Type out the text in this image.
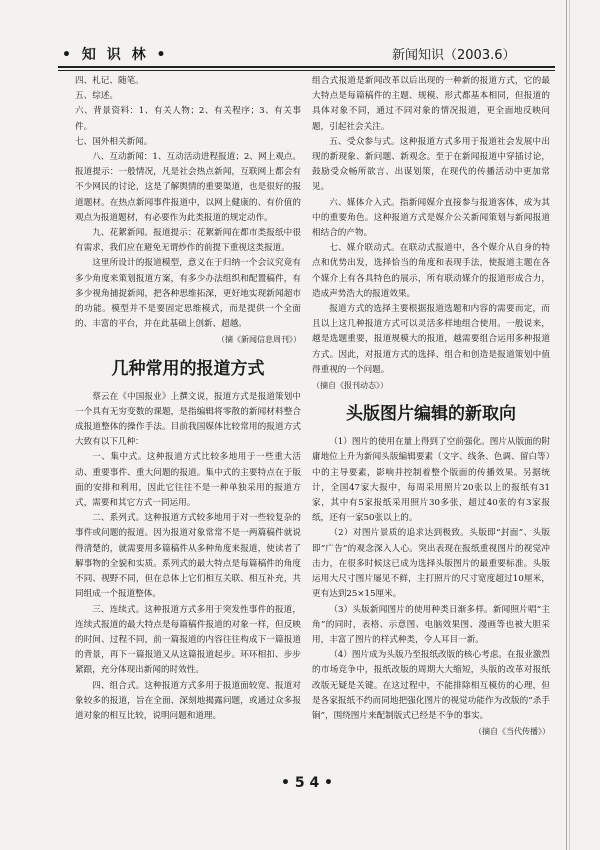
• 知 识 林 •	新闻知识（2003.6）

四、札记、随笔。

五、综述。

六、背景资料：1、有关人物；2、有关程序；3、有关事件。

七、国外相关新闻。

八、互动新闻：1、互动活动进程报道；2、网上观点。报道提示：一般情况，凡是社会热点新闻，互联网上都会有不少网民的讨论，这是了解舆情的重要渠道，也是很好的报道题材。在热点新闻事件报道中，以网上健康的、有价值的观点为报道题材，有必要作为此类报道的规定动作。

九、花絮新闻。报道提示：花絮新闻在都市类报纸中很有需求，我们应在避免无谓炒作的前提下重视这类报道。

这里所设计的报道模型，意义在于归纳一个会议究竟有多少角度来策划报道方案，有多少办法组织和配置稿件，有多少视角捕捉新闻，把各种思维拓深，更好地实现新闻超市的功能。模型并不是要固定思维模式，而是提供一个全面的、丰富的平台，并在此基础上创新、超越。

（摘《新闻信息周刊》）

几种常用的报道方式

蔡云在《中国报业》上撰文说，报道方式是报道策划中一个具有无穷变数的课题，是指编辑将零散的新闻材料整合成报道整体的操作手法。目前我国媒体比较常用的报道方式大致有以下几种：

一、集中式。这种报道方式比较多地用于一些重大活动、重要事件、重大问题的报道。集中式的主要特点在于版面的安排和利用，因此它往往不是一种单独采用的报道方式，需要和其它方式一同运用。

二、系列式。这种报道方式较多地用于对一些较复杂的事件或问题的报道。因为报道对象常常不是一两篇稿件就说得清楚的，就需要用多篇稿件从多种角度来报道，使读者了解事物的全貌和实质。系列式的最大特点是每篇稿件的角度不同、视野不同，但在总体上它们相互关联、相互补充，共同组成一个报道整体。

三、连续式。这种报道方式多用于突发性事件的报道，连续式报道的最大特点是每篇稿件报道的对象一样，但反映的时间、过程不同，前一篇报道的内容往往构成下一篇报道的背景，再下一篇报道又从这篇报道起步。环环相扣、步步紧跟，充分体现出新闻的时效性。

四、组合式。这种报道方式多用于报道面较宽、报道对象较多的报道，旨在全面、深刻地揭露问题，或通过众多报道对象的相互比较，说明问题和道理。

组合式报道是新闻改革以后出现的一种新的报道方式，它的最大特点是每篇稿件的主题、规模、形式都基本相同，但报道的具体对象不同，通过不同对象的情况报道，更全面地反映问题，引起社会关注。

五、受众参与式。这种报道方式多用于报道社会发展中出现的新现象、新问题、新观念。至于在新闻报道中穿插讨论，鼓励受众畅所欲言、出谋划策，在现代的传播活动中更加常见。

六、媒体介入式。指新闻媒介直接参与报道客体，成为其中的重要角色。这种报道方式是媒介公关新闻策划与新闻报道相结合的产物。

七、媒介联动式。在联动式报道中，各个媒介从自身的特点和优势出发，选择恰当的角度和表现手法，使报道主题在各个媒介上有各具特色的展示，所有联动媒介的报道形成合力，造成声势浩大的报道效果。

报道方式的选择主要根据报道选题和内容的需要而定，而且以上这几种报道方式可以灵活多样地组合使用。一般说来，越是选题重要，报道规模大的报道，越需要组合运用多种报道方式。因此，对报道方式的选择、组合和创造是报道策划中值得重视的一个问题。

（摘自《报刊动态》）

头版图片编辑的新取向

（1）图片的使用在量上得到了空前强化。图片从版面的附庸地位上升为新闻头版编辑要素（文字、线条、色调、留白等）中的主导要素，影响并控制着整个版面的传播效果。另据统计，全国47家大报中，每周采用照片20张以上的报纸有31家，其中有5家报纸采用照片30多张，超过40张的有3家报纸，还有一家50张以上的。

（2）对图片景质的追求达到极致。头版即“封面”、头版即“广告”的观念深入人心。突出表现在报纸重视图片的视觉冲击力，在很多时候这已成为选择头版图片的最重要标准。头版运用大尺寸图片屡见不鲜，主打照片的尺寸宽度超过10厘米，更有达到25×15厘米。

（3）头版新闻图片的使用种类日渐多样。新闻照片唱“主角”的同时，表格、示意图、电脑效果图、漫画等也被大胆采用，丰富了图片的样式种类，令人耳目一新。

（4）图片成为头版乃至报纸改版的核心考虑。在报业激烈的市场竞争中，报纸改版的周期大大缩短，头版的改革对报纸改版无疑是关键。在这过程中，不能排除相互模仿的心理，但是各家报纸不约而同地把强化图片的视觉功能作为改版的“杀手锏”，围绕图片来配制版式已经是不争的事实。

（摘自《当代传播》）

• 5 4 •
